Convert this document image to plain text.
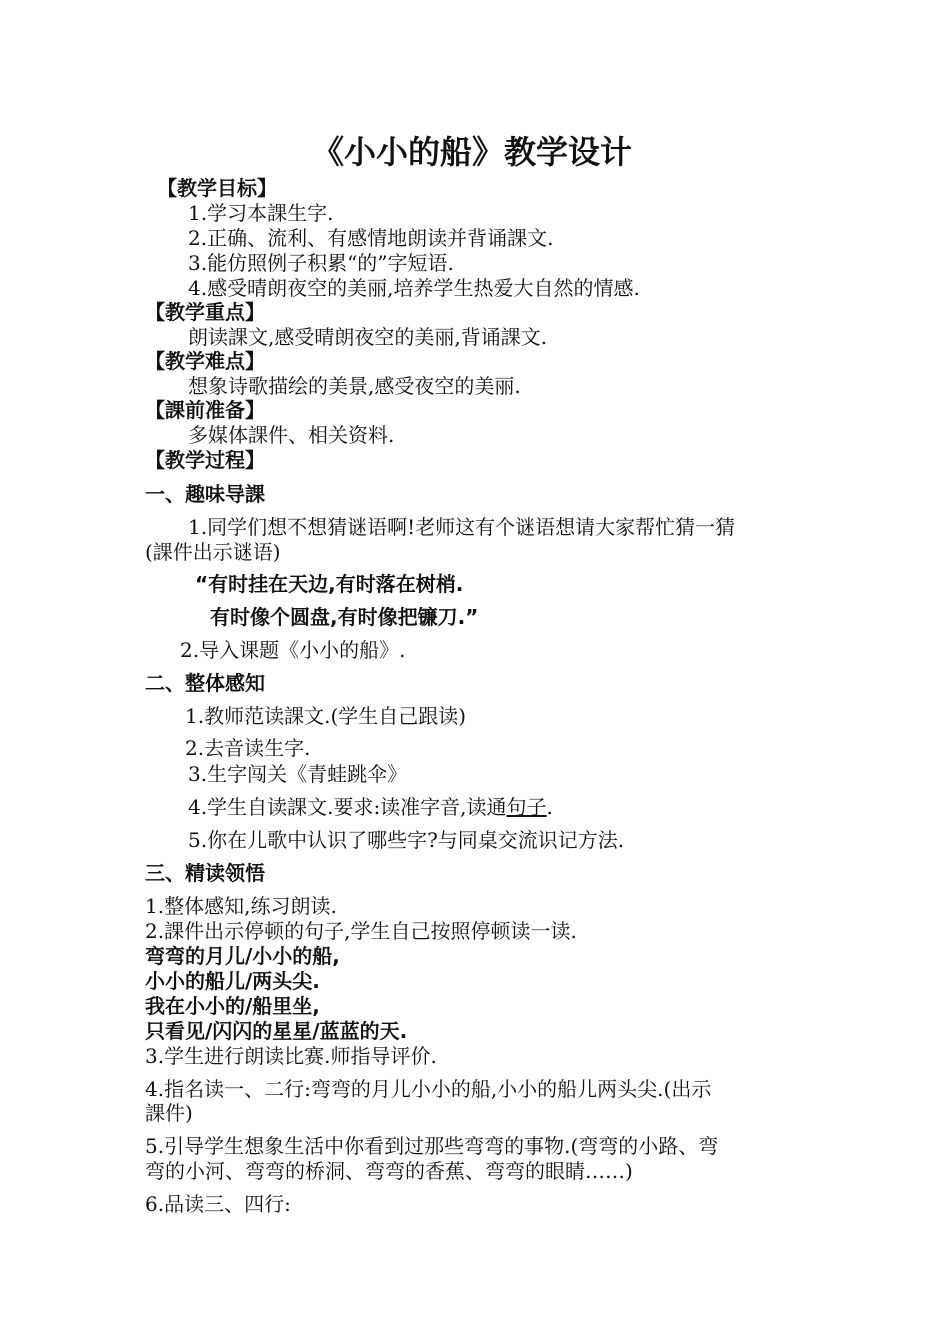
《小小的船》教学设计
【教学目标】
1.学习本課生字.
2.正确、流利、有感情地朗读并背诵課文.
3.能仿照例子积累“的”字短语.
4.感受晴朗夜空的美丽,培养学生热爱大自然的情感.
【教学重点】
朗读課文,感受晴朗夜空的美丽,背诵課文.
【教学难点】
想象诗歌描绘的美景,感受夜空的美丽.
【課前准备】
多媒体課件、相关资料.
【教学过程】
一、趣味导課
1.同学们想不想猜谜语啊!老师这有个谜语想请大家帮忙猜一猜
(課件出示谜语)
“有时挂在天边,有时落在树梢.
有时像个圆盘,有时像把镰刀.”
2.导入课题《小小的船》.
二、整体感知
1.教师范读課文.(学生自己跟读)
2.去音读生字.
3.生字闯关《青蛙跳伞》
4.学生自读課文.要求:读准字音,读通句子.
5.你在儿歌中认识了哪些字?与同桌交流识记方法.
三、精读领悟
1.整体感知,练习朗读.
2.課件出示停顿的句子,学生自己按照停顿读一读.
弯弯的月儿/小小的船,
小小的船儿/两头尖.
我在小小的/船里坐,
只看见/闪闪的星星/蓝蓝的天.
3.学生进行朗读比赛.师指导评价.
4.指名读一、二行:弯弯的月儿小小的船,小小的船儿两头尖.(出示
課件)
5.引导学生想象生活中你看到过那些弯弯的事物.(弯弯的小路、弯
弯的小河、弯弯的桥洞、弯弯的香蕉、弯弯的眼睛……)
6.品读三、四行:
